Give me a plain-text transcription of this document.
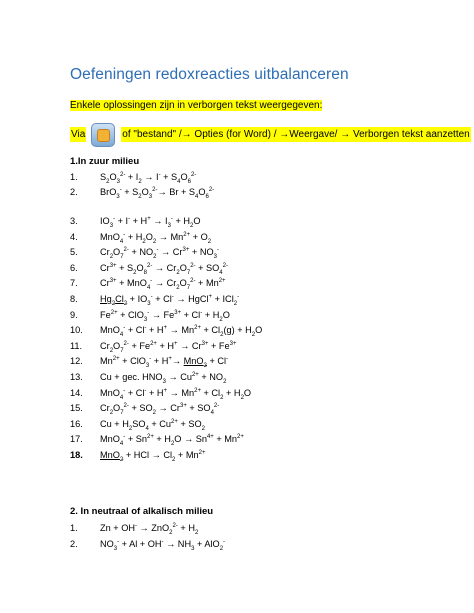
Oefeningen redoxreacties uitbalanceren
Enkele oplossingen zijn in verborgen tekst weergegeven:
Via	of "bestand" /→ Opties (for Word) / →Weergave/ → Verborgen tekst aanzetten
1.In zuur milieu
1.	$S_2O_3^{2-} + I_2 \to I^- + S_4O_6^{2-}$
2.	$BrO_3^- + S_2O_3^{2-}\to Br + S_4O_6^{2-}$
3.	$IO_3^- + I^- + H^+ \to I_3^- + H_2O$
4.	$MnO_4^- + H_2O_2 \to Mn^{2+} + O_2$
5.	$Cr_2O_7^{2-} + NO_2^- \to Cr^{3+} + NO_3^-$
6.	$Cr^{3+} + S_2O_8^{2-} \to Cr_2O_7^{2-} + SO_4^{2-}$
7.	$Cr^{3+} + MnO_4^- \to Cr_2O_7^{2-} + Mn^{2+}$
8.	$Hg_2Cl_2 + IO_3^- + Cl^-$ → HgCl+ + ICl$_2$-
9.	$Fe^{2+} + ClO_3^- \to Fe^{3+} + Cl^- + H_2O$
10.	$MnO_4^- + Cl^- + H^+ \to Mn^{2+} + Cl_2(g) + H_2O$
11.	$Cr_2O_7^{2-} + Fe^{2+} + H^+ \to Cr^{3+} + Fe^{3+}$
12.	$Mn^{2+} + ClO_3^- + H^+\to MnO_2 + Cl^-$
13.	Cu + gec. $HNO_3 \to Cu^{2+} + NO_2$
14.	$MnO_4^- + Cl^- + H^+ \to Mn^{2+} + Cl_2 + H_2O$
15.	$Cr_2O_7^{2-} + SO_2 \to Cr^{3+} + SO_4^{2-}$
16.	$Cu + H_2SO_4 + Cu^{2+} + SO_2$
17.	$MnO_4^- + Sn^{2+} + H_2O \to Sn^{4+} + Mn^{2+}$
18.	MnO$_2$ + HCl → $Cl_2 + Mn^{2+}$
2. In neutraal of alkalisch milieu
1.	$Zn + OH^- \to ZnO_2^{2-} + H_2$
2.	$NO_3^- + Al + OH^- \to NH_3 + AlO_2^-$
